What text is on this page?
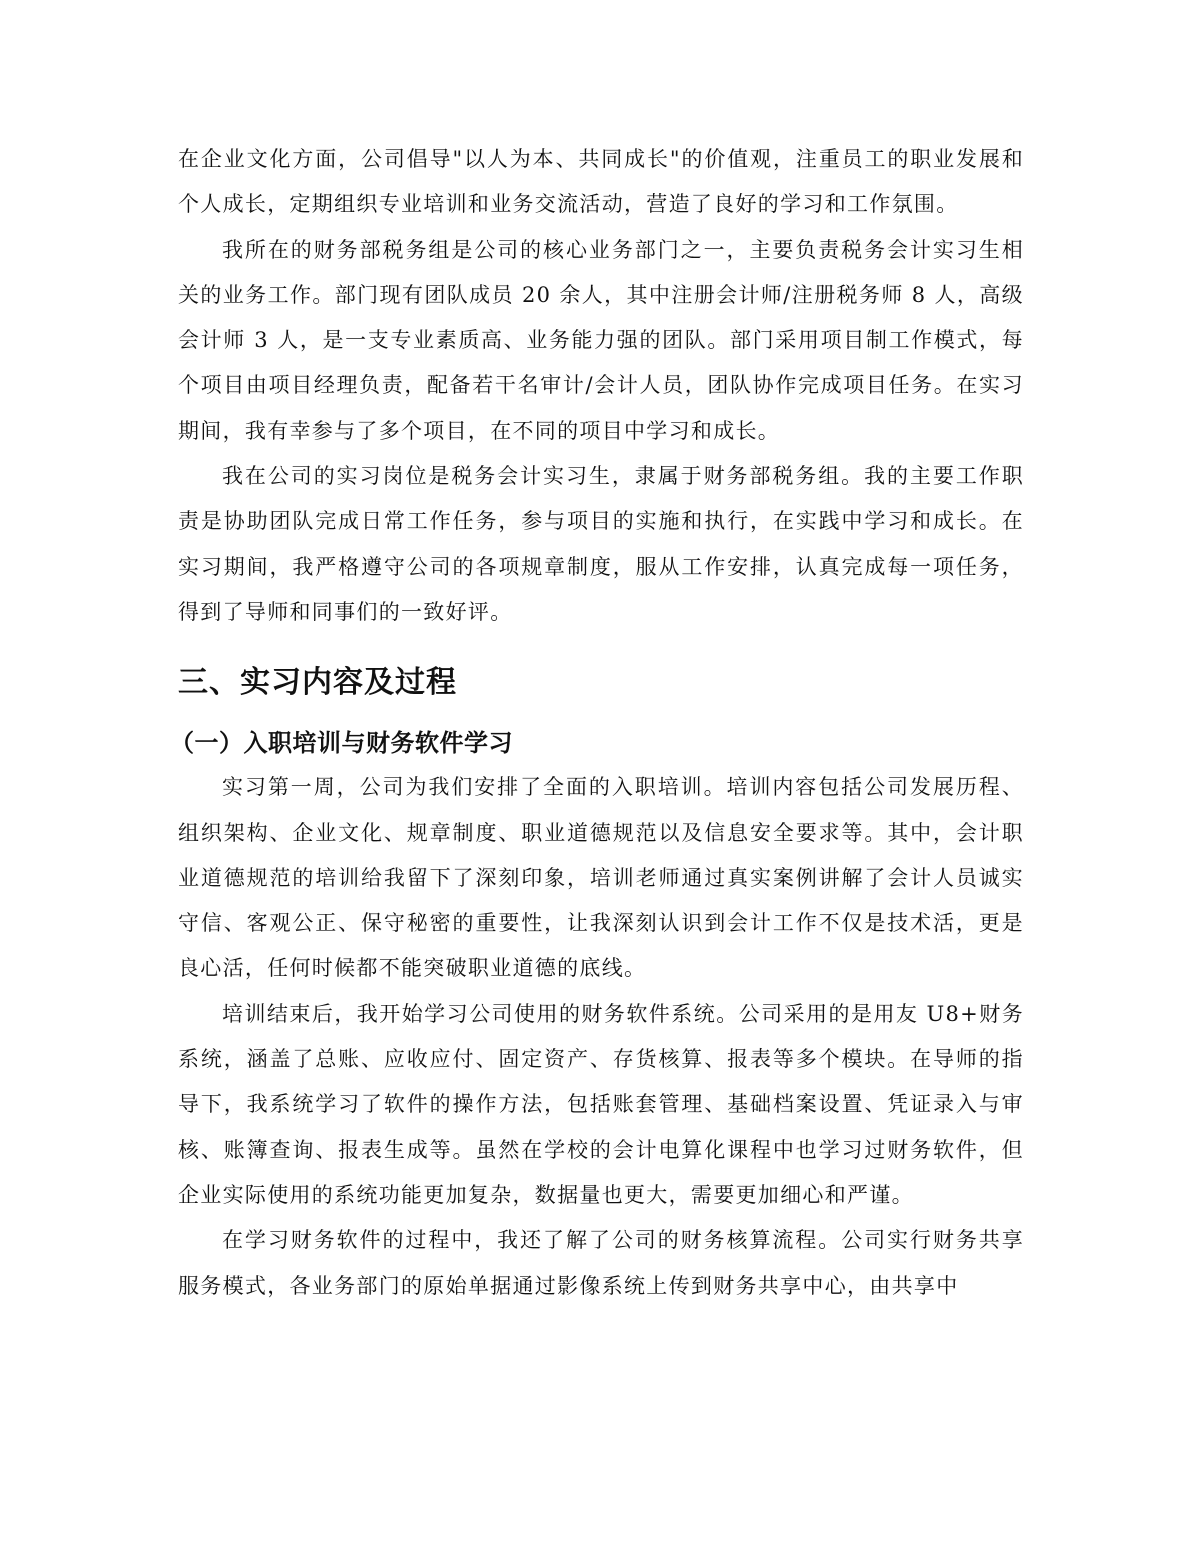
在企业文化方面，公司倡导"以人为本、共同成长"的价值观，注重员工的职业发展和个人成长，定期组织专业培训和业务交流活动，营造了良好的学习和工作氛围。

我所在的财务部税务组是公司的核心业务部门之一，主要负责税务会计实习生相关的业务工作。部门现有团队成员 20 余人，其中注册会计师/注册税务师 8 人，高级会计师 3 人，是一支专业素质高、业务能力强的团队。部门采用项目制工作模式，每个项目由项目经理负责，配备若干名审计/会计人员，团队协作完成项目任务。在实习期间，我有幸参与了多个项目，在不同的项目中学习和成长。

我在公司的实习岗位是税务会计实习生，隶属于财务部税务组。我的主要工作职责是协助团队完成日常工作任务，参与项目的实施和执行，在实践中学习和成长。在实习期间，我严格遵守公司的各项规章制度，服从工作安排，认真完成每一项任务，得到了导师和同事们的一致好评。

三、实习内容及过程
（一）入职培训与财务软件学习

实习第一周，公司为我们安排了全面的入职培训。培训内容包括公司发展历程、组织架构、企业文化、规章制度、职业道德规范以及信息安全要求等。其中，会计职业道德规范的培训给我留下了深刻印象，培训老师通过真实案例讲解了会计人员诚实守信、客观公正、保守秘密的重要性，让我深刻认识到会计工作不仅是技术活，更是良心活，任何时候都不能突破职业道德的底线。

培训结束后，我开始学习公司使用的财务软件系统。公司采用的是用友 U8+财务系统，涵盖了总账、应收应付、固定资产、存货核算、报表等多个模块。在导师的指导下，我系统学习了软件的操作方法，包括账套管理、基础档案设置、凭证录入与审核、账簿查询、报表生成等。虽然在学校的会计电算化课程中也学习过财务软件，但企业实际使用的系统功能更加复杂，数据量也更大，需要更加细心和严谨。

在学习财务软件的过程中，我还了解了公司的财务核算流程。公司实行财务共享服务模式，各业务部门的原始单据通过影像系统上传到财务共享中心，由共享中
